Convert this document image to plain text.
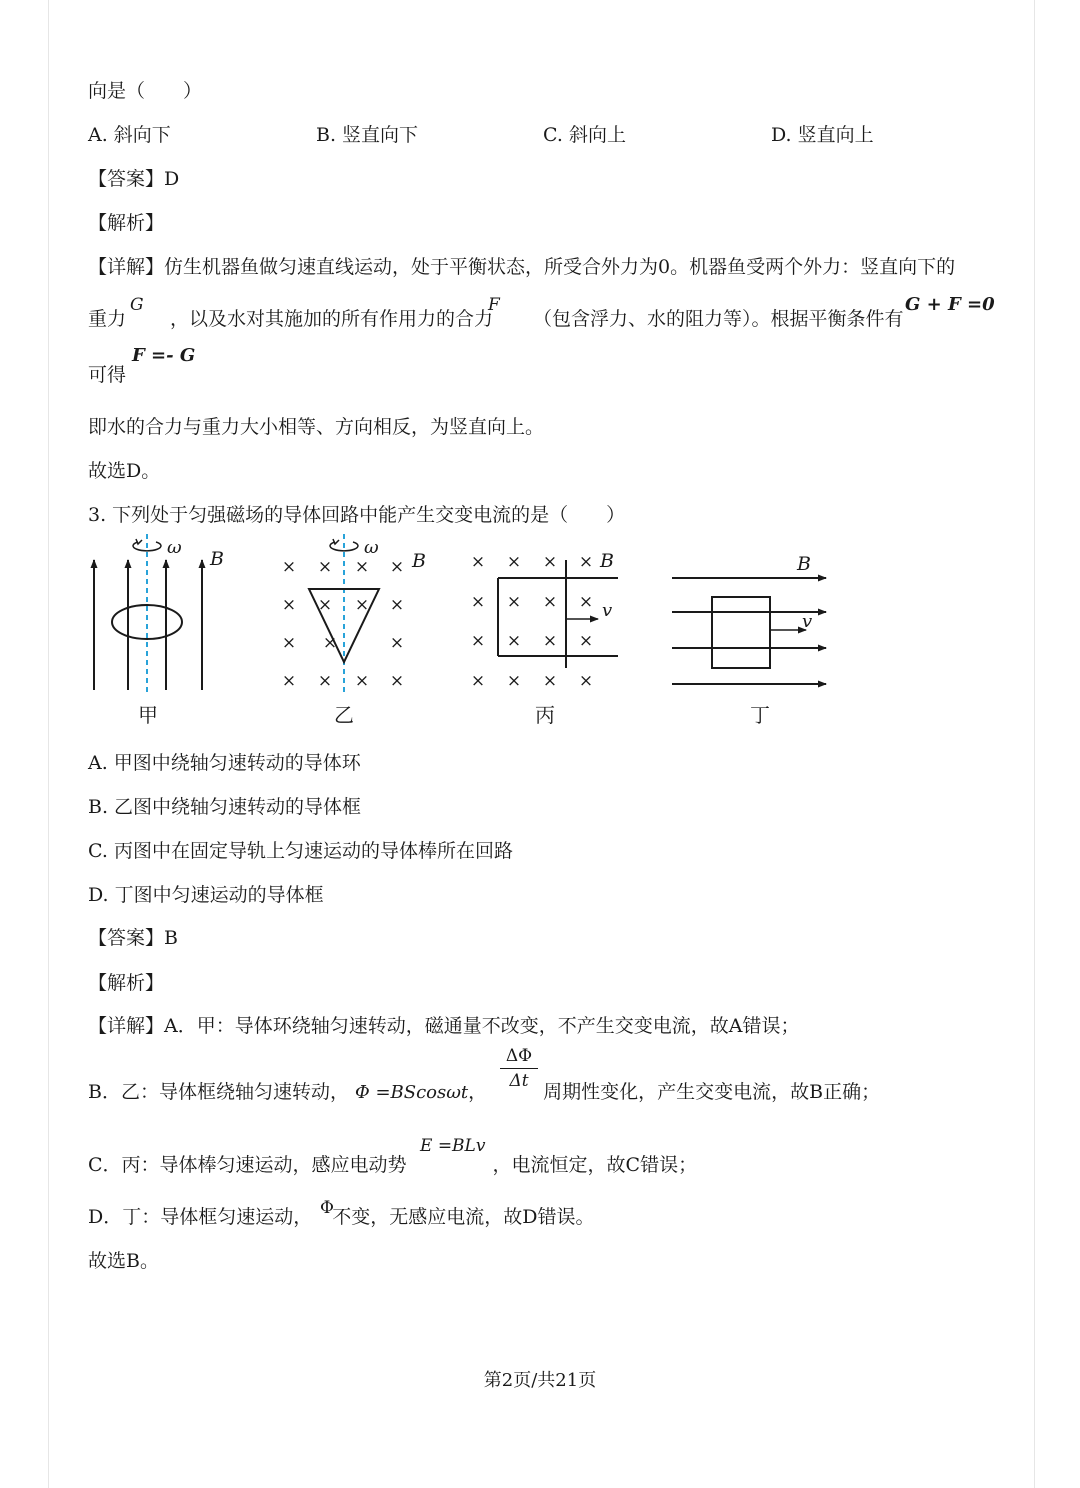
向是（　　）
A. 斜向下	B. 竖直向下	C. 斜向上	D. 竖直向上
【答案】D
【解析】
【详解】仿生机器鱼做匀速直线运动，处于平衡状态，所受合外力为0。机器鱼受两个外力：竖直向下的
重力 ，以及水对其施加的所有作用力的合力 （包含浮力、水的阻力等）。根据平衡条件有
G	F	G + F =0
可得
F =- G
即水的合力与重力大小相等、方向相反，为竖直向上。
故选D。
3. 下列处于匀强磁场的导体回路中能产生交变电流的是（　　）
ω
B
ω
B
× × × ×
× × × ×
×	×
× × × ×
×
v
B
× × × ×
× × × ×
× × × ×
× × × ×
v
B
甲	乙	丙	丁
A. 甲图中绕轴匀速转动的导体环
B. 乙图中绕轴匀速转动的导体框
C. 丙图中在固定导轨上匀速运动的导体棒所在回路
D. 丁图中匀速运动的导体框
【答案】B
【解析】
【详解】A．甲：导体环绕轴匀速转动，磁通量不改变，不产生交变电流，故A错误；
B．乙：导体框绕轴匀速转动， Φ =BScosωt，	周期性变化，产生交变电流，故B正确；
ΔΦ
Δt
C．丙：导体棒匀速运动，感应电动势	，电流恒定，故C错误；
E =BLv
D．丁：导体框匀速运动， 不变，无感应电流，故D错误。
Φ
故选B。
第2页/共21页
